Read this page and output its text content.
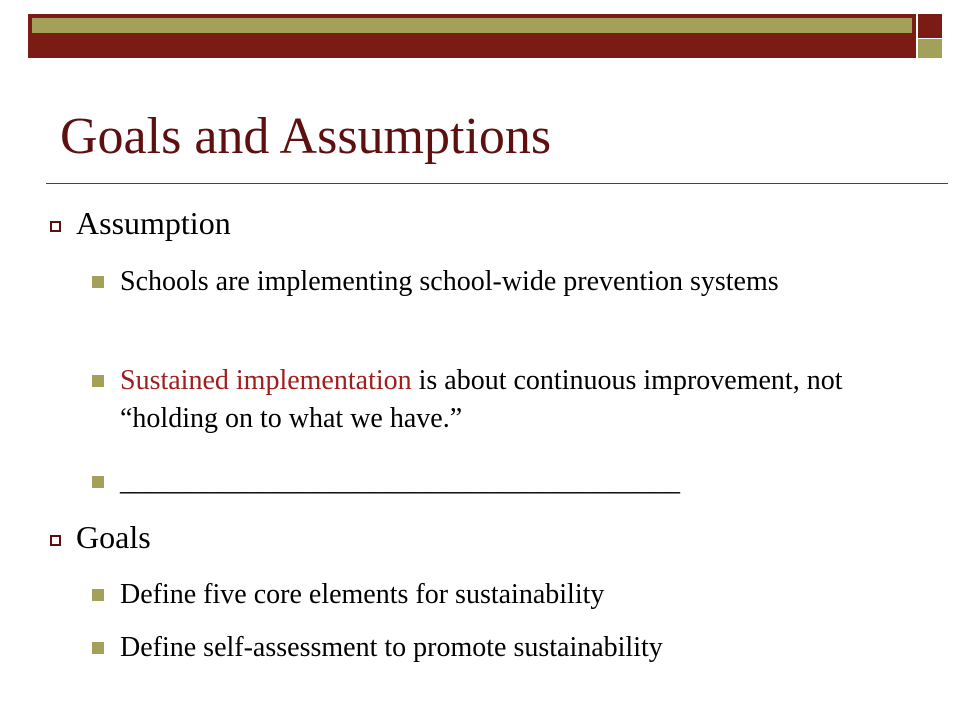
Goals and Assumptions
Assumption
Schools are implementing school-wide prevention systems
Sustained implementation is about continuous improvement, not “holding on to what we have.”
________________________________________
Goals
Define five core elements for sustainability
Define self-assessment to promote sustainability
